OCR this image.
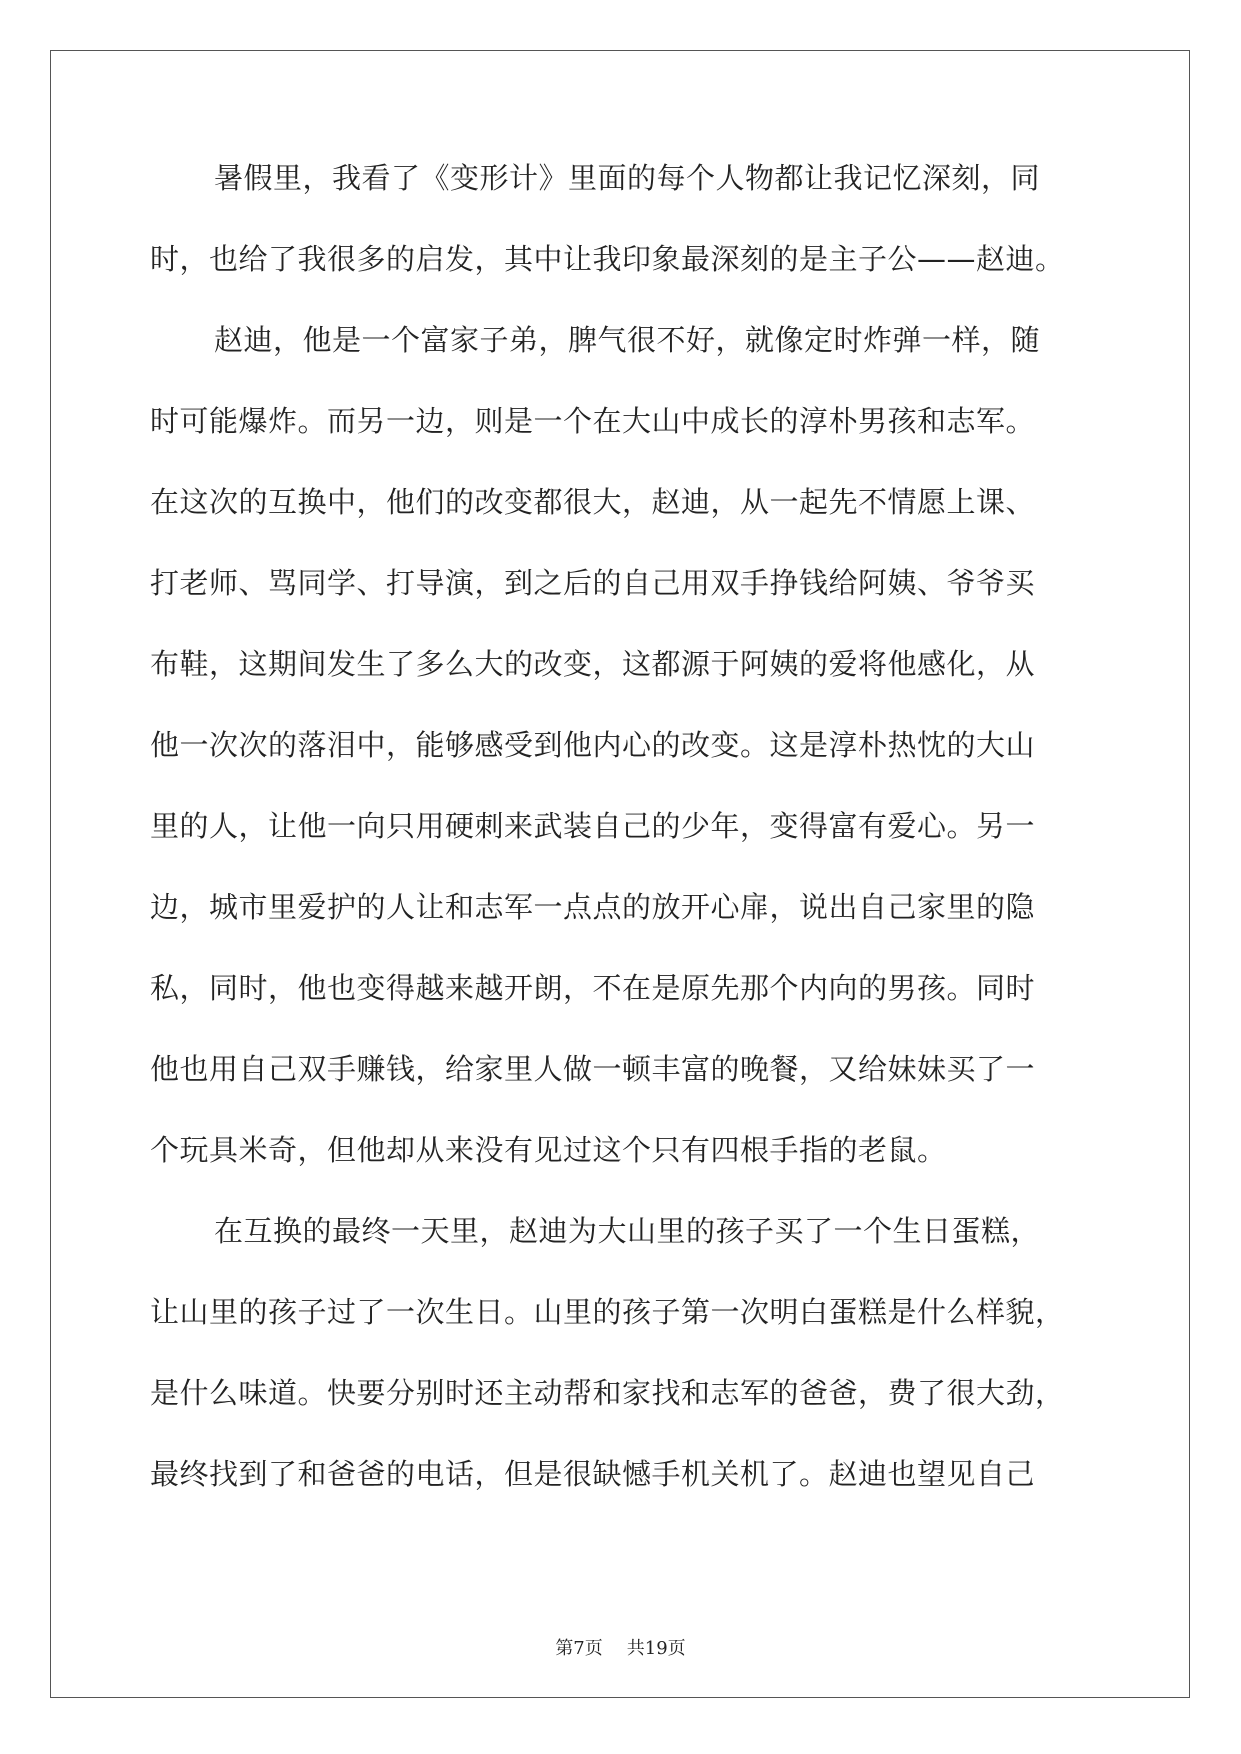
暑假里，我看了《变形计》里面的每个人物都让我记忆深刻，同
时，也给了我很多的启发，其中让我印象最深刻的是主子公——赵迪。
赵迪，他是一个富家子弟，脾气很不好，就像定时炸弹一样，随
时可能爆炸。而另一边，则是一个在大山中成长的淳朴男孩和志军。
在这次的互换中，他们的改变都很大，赵迪，从一起先不情愿上课、
打老师、骂同学、打导演，到之后的自己用双手挣钱给阿姨、爷爷买
布鞋，这期间发生了多么大的改变，这都源于阿姨的爱将他感化，从
他一次次的落泪中，能够感受到他内心的改变。这是淳朴热忱的大山
里的人，让他一向只用硬刺来武装自己的少年，变得富有爱心。另一
边，城市里爱护的人让和志军一点点的放开心扉，说出自己家里的隐
私，同时，他也变得越来越开朗，不在是原先那个内向的男孩。同时
他也用自己双手赚钱，给家里人做一顿丰富的晚餐，又给妹妹买了一
个玩具米奇，但他却从来没有见过这个只有四根手指的老鼠。
在互换的最终一天里，赵迪为大山里的孩子买了一个生日蛋糕，
让山里的孩子过了一次生日。山里的孩子第一次明白蛋糕是什么样貌，
是什么味道。快要分别时还主动帮和家找和志军的爸爸，费了很大劲，
最终找到了和爸爸的电话，但是很缺憾手机关机了。赵迪也望见自己
第7页 共19页
